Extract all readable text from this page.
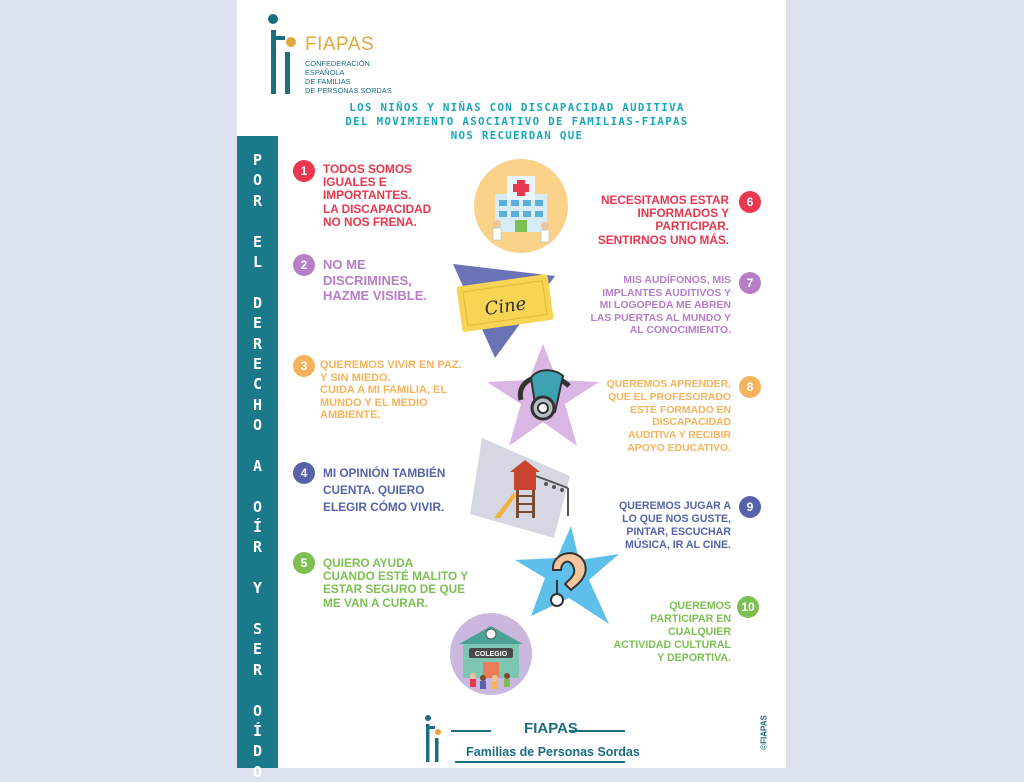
FIAPAS
CONFEDERACIÓN
ESPAÑOLA
DE FAMILIAS
DE PERSONAS SORDAS
LOS NIÑOS Y NIÑAS CON DISCAPACIDAD AUDITIVA
DEL MOVIMIENTO ASOCIATIVO DE FAMILIAS-FIAPAS
NOS RECUERDAN QUE
P
O
R

E
L

D
E
R
E
C
H
O

A

O
Í
R

Y

S
E
R

O
Í
D
O
Cine
COLEGIO
1	TODOS SOMOS
IGUALES E
IMPORTANTES.
LA DISCAPACIDAD
NO NOS FRENA.
2	NO ME
DISCRIMINES,
HAZME VISIBLE.
3	QUEREMOS VIVIR EN PAZ.
Y SIN MIEDO.
CUIDA A MI FAMILIA, EL
MUNDO Y EL MEDIO
AMBIENTE.
4	MI OPINIÓN TAMBIÉN
CUENTA. QUIERO
ELEGIR CÓMO VIVIR.
5	QUIERO AYUDA
CUANDO ESTÉ MALITO Y
ESTAR SEGURO DE QUE
ME VAN A CURAR.
NECESITAMOS ESTAR
INFORMADOS Y
PARTICIPAR.
SENTIRNOS UNO MÁS.
6
MIS AUDÍFONOS, MIS
IMPLANTES AUDITIVOS Y
MI LOGOPEDA ME ABREN
LAS PUERTAS AL MUNDO Y
AL CONOCIMIENTO.
7
QUEREMOS APRENDER,
QUE EL PROFESORADO
ESTÉ FORMADO EN
DISCAPACIDAD
AUDITIVA Y RECIBIR
APOYO EDUCATIVO.
8
QUEREMOS JUGAR A
LO QUE NOS GUSTE,
PINTAR, ESCUCHAR
MÚSICA, IR AL CINE.
9
QUEREMOS
PARTICIPAR EN
CUALQUIER
ACTIVIDAD CULTURAL
Y DEPORTIVA.
10
FIAPAS
Familias de Personas Sordas
©FIAPAS
